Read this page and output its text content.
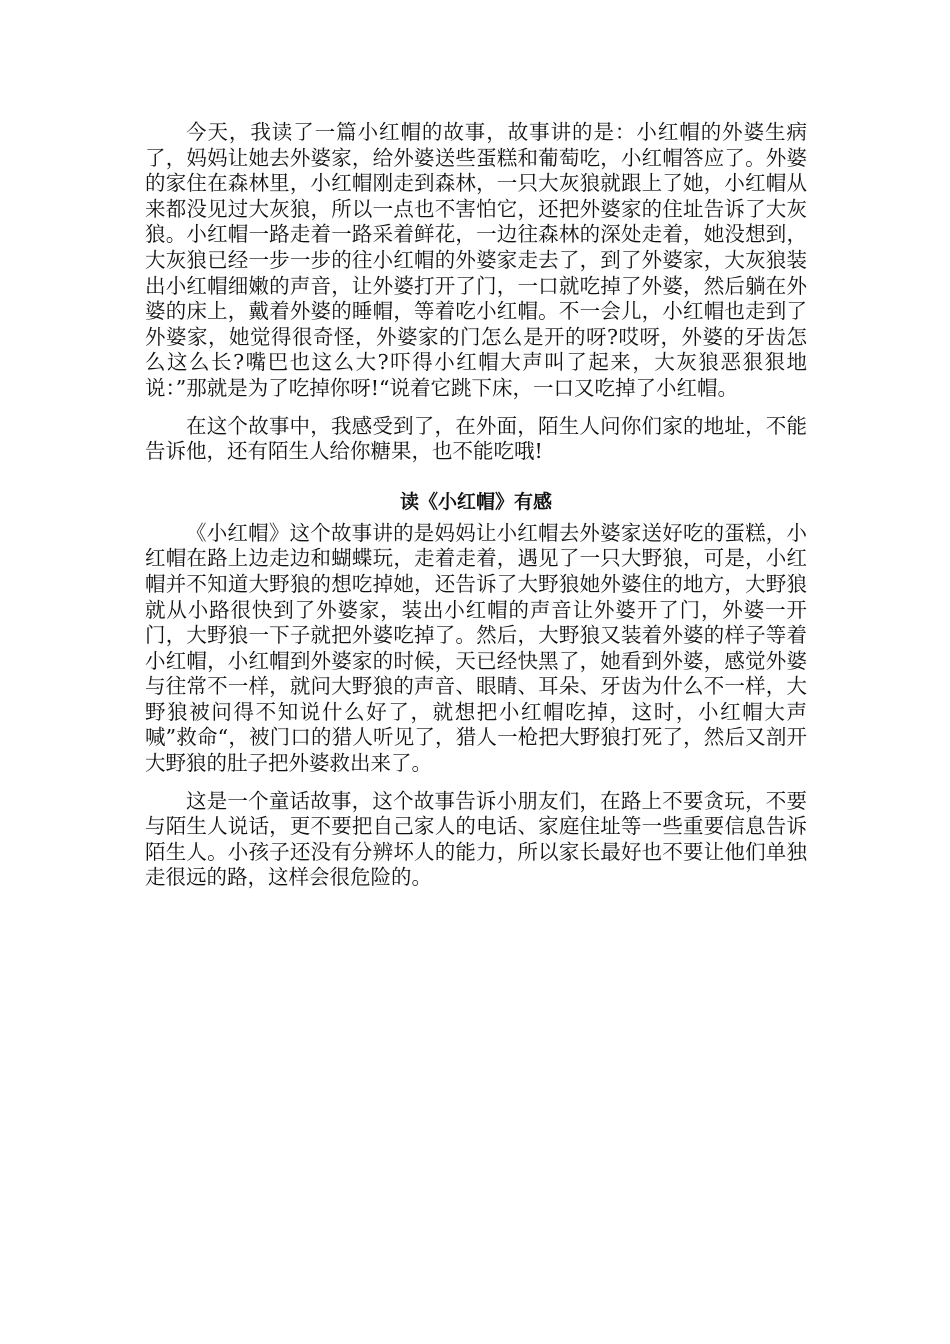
今天，我读了一篇小红帽的故事，故事讲的是：小红帽的外婆生病了，妈妈让她去外婆家，给外婆送些蛋糕和葡萄吃，小红帽答应了。外婆的家住在森林里，小红帽刚走到森林，一只大灰狼就跟上了她，小红帽从来都没见过大灰狼，所以一点也不害怕它，还把外婆家的住址告诉了大灰狼。小红帽一路走着一路采着鲜花，一边往森林的深处走着，她没想到，大灰狼已经一步一步的往小红帽的外婆家走去了，到了外婆家，大灰狼装出小红帽细嫩的声音，让外婆打开了门，一口就吃掉了外婆，然后躺在外婆的床上，戴着外婆的睡帽，等着吃小红帽。不一会儿，小红帽也走到了外婆家，她觉得很奇怪，外婆家的门怎么是开的呀?哎呀，外婆的牙齿怎么这么长?嘴巴也这么大?吓得小红帽大声叫了起来，大灰狼恶狠狠地说：”那就是为了吃掉你呀!“说着它跳下床，一口又吃掉了小红帽。

在这个故事中，我感受到了，在外面，陌生人问你们家的地址，不能告诉他，还有陌生人给你糖果，也不能吃哦!

读《小红帽》有感

《小红帽》这个故事讲的是妈妈让小红帽去外婆家送好吃的蛋糕，小红帽在路上边走边和蝴蝶玩，走着走着，遇见了一只大野狼，可是，小红帽并不知道大野狼的想吃掉她，还告诉了大野狼她外婆住的地方，大野狼就从小路很快到了外婆家，装出小红帽的声音让外婆开了门，外婆一开门，大野狼一下子就把外婆吃掉了。然后，大野狼又装着外婆的样子等着小红帽，小红帽到外婆家的时候，天已经快黑了，她看到外婆，感觉外婆与往常不一样，就问大野狼的声音、眼睛、耳朵、牙齿为什么不一样，大野狼被问得不知说什么好了，就想把小红帽吃掉，这时，小红帽大声喊”救命“，被门口的猎人听见了，猎人一枪把大野狼打死了，然后又剖开大野狼的肚子把外婆救出来了。

这是一个童话故事，这个故事告诉小朋友们，在路上不要贪玩，不要与陌生人说话，更不要把自己家人的电话、家庭住址等一些重要信息告诉陌生人。小孩子还没有分辨坏人的能力，所以家长最好也不要让他们单独走很远的路，这样会很危险的。
